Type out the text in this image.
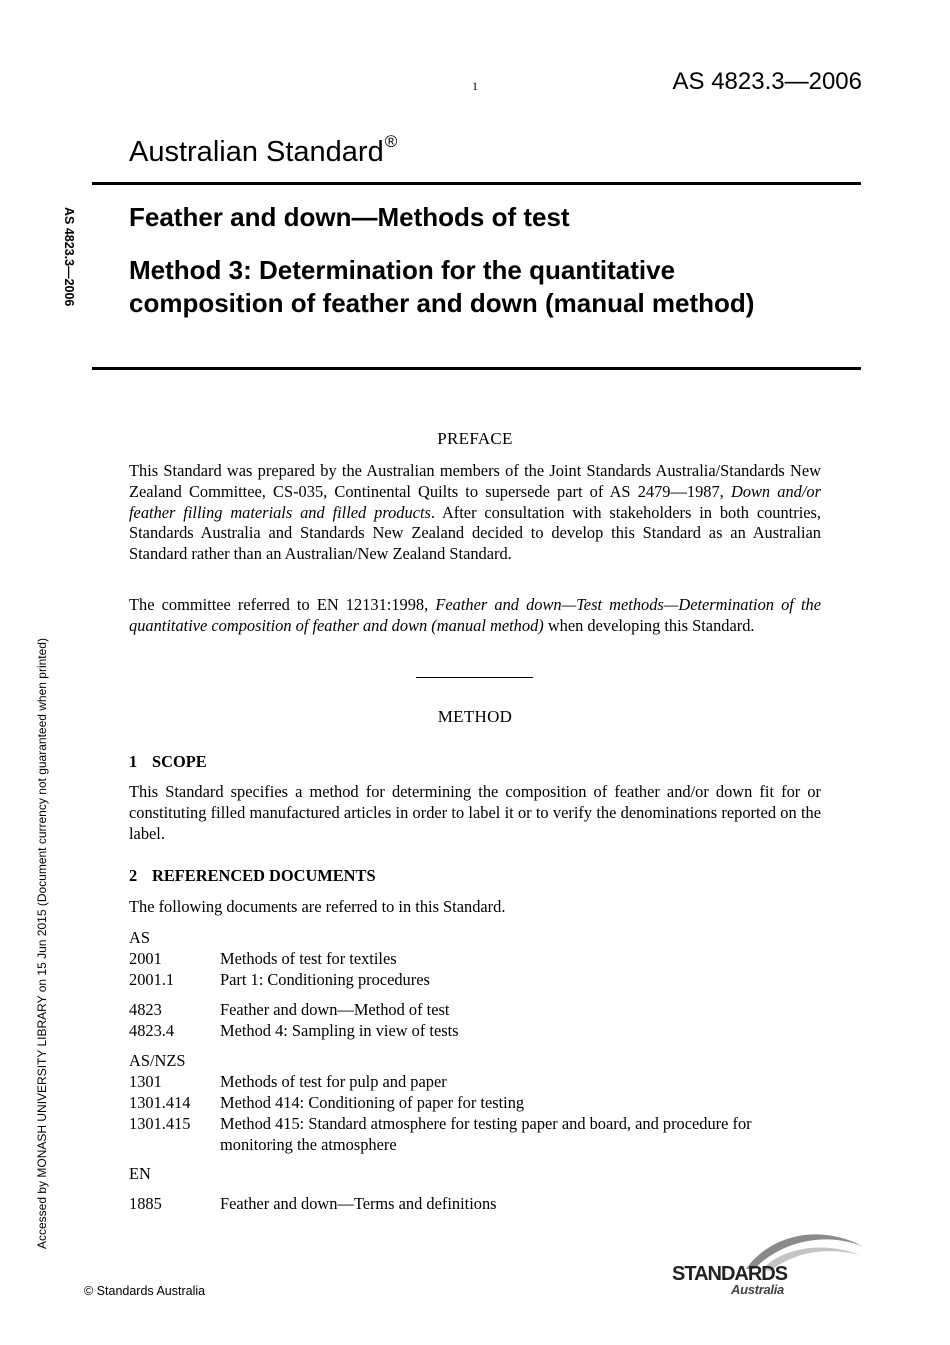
1	AS 4823.3—2006
Australian Standard®
AS 4823.3—2006 Feather and down—Methods of test
Method 3: Determination for the quantitative composition of feather and down (manual method)
Accessed by MONASH UNIVERSITY LIBRARY on 15 Jun 2015 (Document currency not guaranteed when printed)
PREFACE

This Standard was prepared by the Australian members of the Joint Standards Australia/Standards New Zealand Committee, CS-035, Continental Quilts to supersede part of AS 2479—1987, Down and/or feather filling materials and filled products. After consultation with stakeholders in both countries, Standards Australia and Standards New Zealand decided to develop this Standard as an Australian Standard rather than an Australian/New Zealand Standard.

The committee referred to EN 12131:1998, Feather and down—Test methods—Determination of the quantitative composition of feather and down (manual method) when developing this Standard.

METHOD
1 SCOPE

This Standard specifies a method for determining the composition of feather and/or down fit for or constituting filled manufactured articles in order to label it or to verify the denominations reported on the label.

2 REFERENCED DOCUMENTS

The following documents are referred to in this Standard.

AS
2001	Methods of test for textiles
2001.1	Part 1: Conditioning procedures
4823	Feather and down—Method of test
4823.4	Method 4: Sampling in view of tests
AS/NZS
1301	Methods of test for pulp and paper
1301.414	Method 414: Conditioning of paper for testing
1301.415	Method 415: Standard atmosphere for testing paper and board, and procedure for monitoring the atmosphere
EN
1885	Feather and down—Terms and definitions
© Standards Australia
STANDARDS
Australia
